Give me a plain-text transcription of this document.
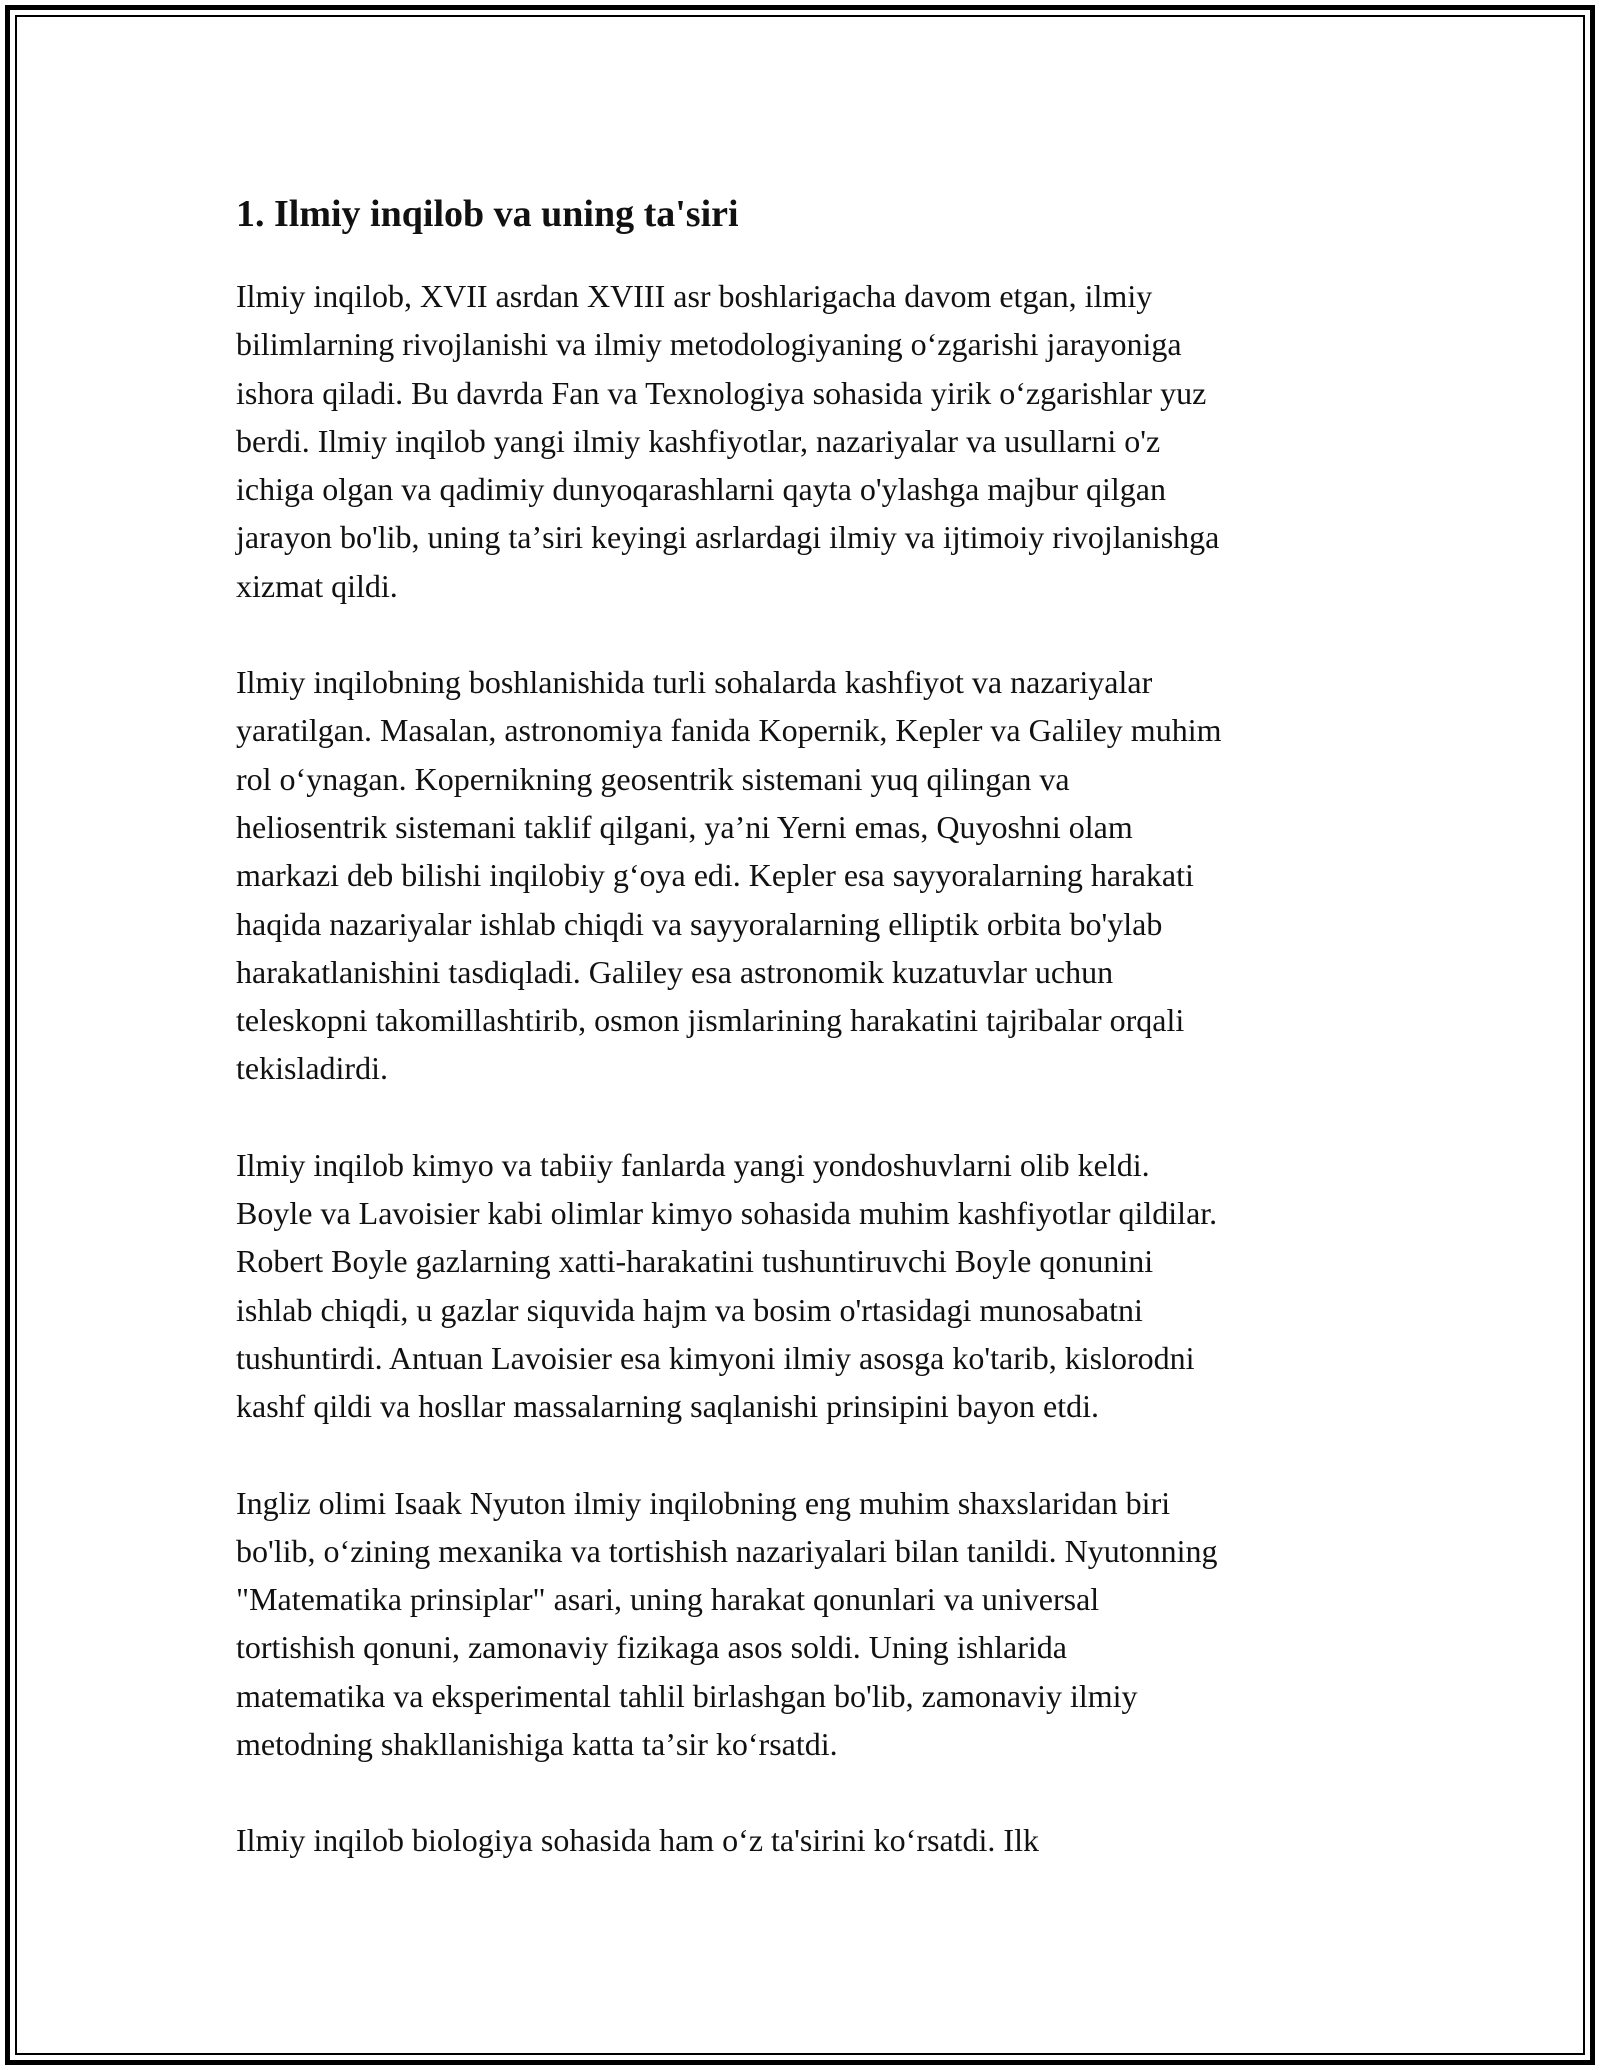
1. Ilmiy inqilob va uning ta'siri

Ilmiy inqilob, XVII asrdan XVIII asr boshlarigacha davom etgan, ilmiy
bilimlarning rivojlanishi va ilmiy metodologiyaning oʻzgarishi jarayoniga
ishora qiladi. Bu davrda Fan va Texnologiya sohasida yirik oʻzgarishlar yuz
berdi. Ilmiy inqilob yangi ilmiy kashfiyotlar, nazariyalar va usullarni o'z
ichiga olgan va qadimiy dunyoqarashlarni qayta o'ylashga majbur qilgan
jarayon bo'lib, uning taʼsiri keyingi asrlardagi ilmiy va ijtimoiy rivojlanishga
xizmat qildi.

Ilmiy inqilobning boshlanishida turli sohalarda kashfiyot va nazariyalar
yaratilgan. Masalan, astronomiya fanida Kopernik, Kepler va Galiley muhim
rol oʻynagan. Kopernikning geosentrik sistemani yuq qilingan va
heliosentrik sistemani taklif qilgani, yaʼni Yerni emas, Quyoshni olam
markazi deb bilishi inqilobiy gʻoya edi. Kepler esa sayyoralarning harakati
haqida nazariyalar ishlab chiqdi va sayyoralarning elliptik orbita bo'ylab
harakatlanishini tasdiqladi. Galiley esa astronomik kuzatuvlar uchun
teleskopni takomillashtirib, osmon jismlarining harakatini tajribalar orqali
tekisladirdi.

Ilmiy inqilob kimyo va tabiiy fanlarda yangi yondoshuvlarni olib keldi.
Boyle va Lavoisier kabi olimlar kimyo sohasida muhim kashfiyotlar qildilar.
Robert Boyle gazlarning xatti-harakatini tushuntiruvchi Boyle qonunini
ishlab chiqdi, u gazlar siquvida hajm va bosim o'rtasidagi munosabatni
tushuntirdi. Antuan Lavoisier esa kimyoni ilmiy asosga ko'tarib, kislorodni
kashf qildi va hosllar massalarning saqlanishi prinsipini bayon etdi.

Ingliz olimi Isaak Nyuton ilmiy inqilobning eng muhim shaxslaridan biri
bo'lib, oʻzining mexanika va tortishish nazariyalari bilan tanildi. Nyutonning
"Matematika prinsiplar" asari, uning harakat qonunlari va universal
tortishish qonuni, zamonaviy fizikaga asos soldi. Uning ishlarida
matematika va eksperimental tahlil birlashgan bo'lib, zamonaviy ilmiy
metodning shakllanishiga katta taʼsir koʻrsatdi.

Ilmiy inqilob biologiya sohasida ham oʻz ta'sirini koʻrsatdi. Ilk
